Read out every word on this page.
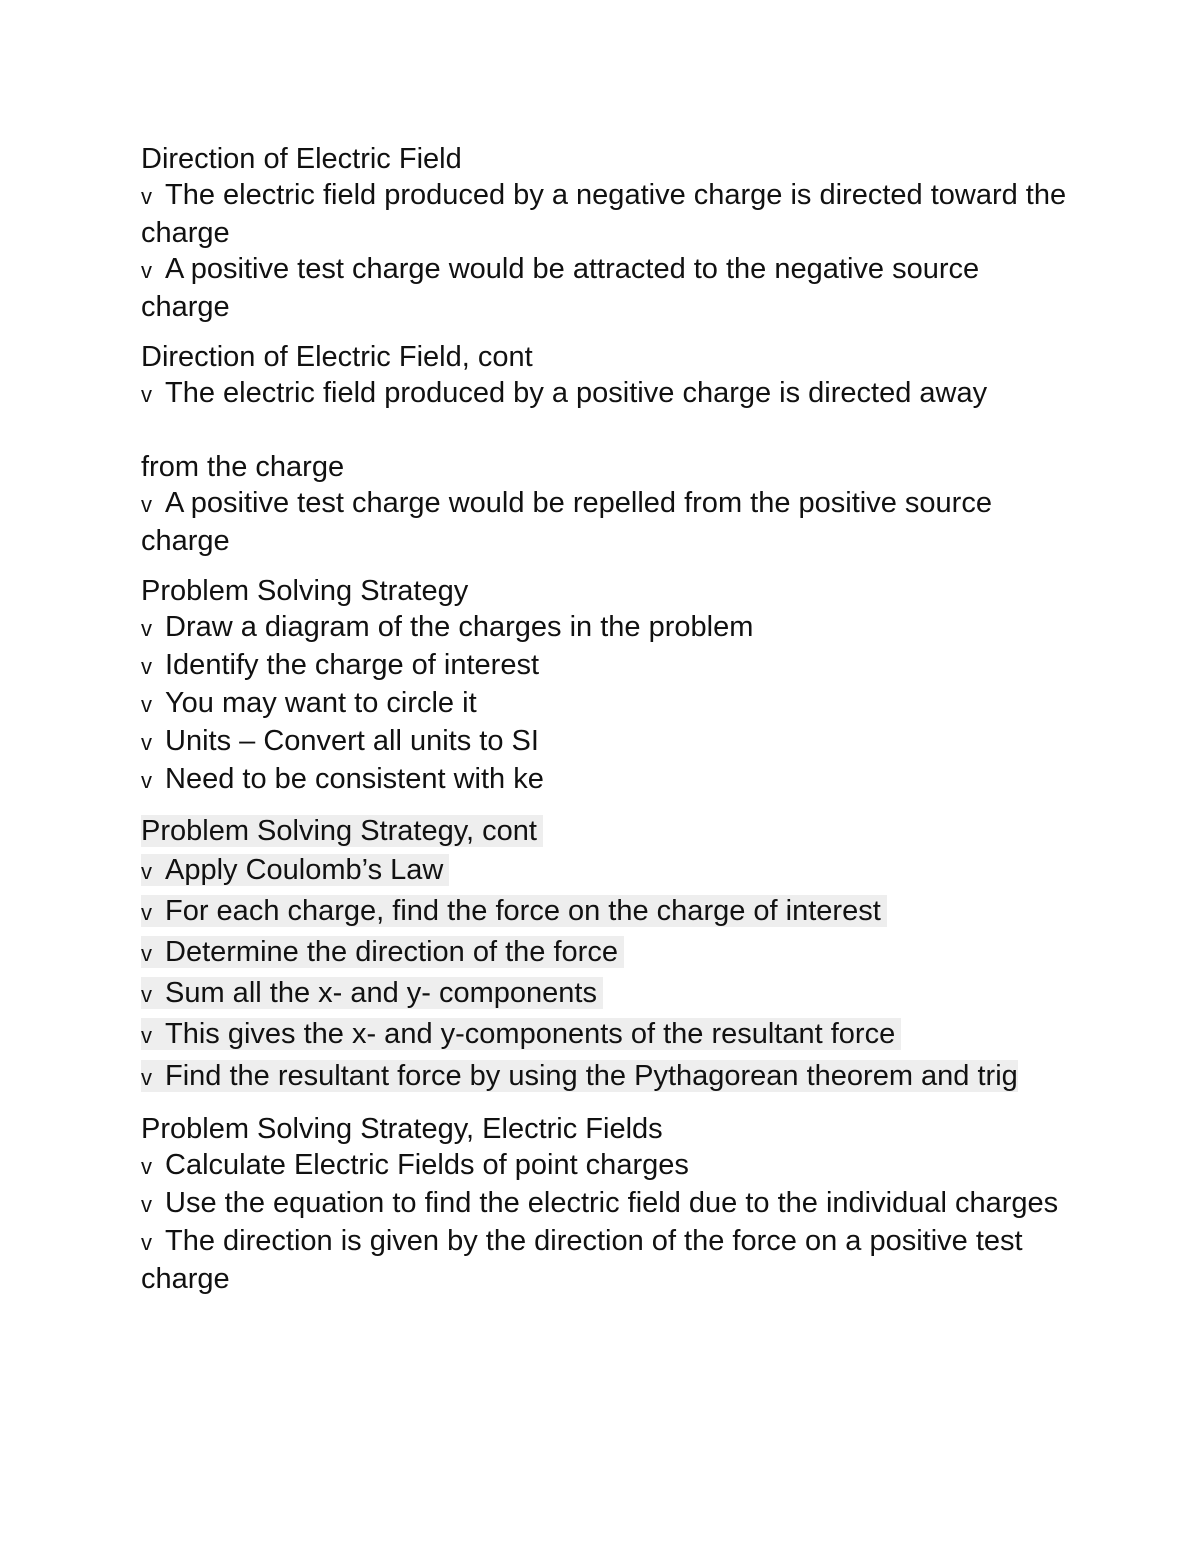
Direction of Electric Field
v The electric field produced by a negative charge is directed toward the charge
v A positive test charge would be attracted to the negative source charge
Direction of Electric Field, cont
v The electric field produced by a positive charge is directed away
from the charge
v A positive test charge would be repelled from the positive source charge
Problem Solving Strategy
v Draw a diagram of the charges in the problem
v Identify the charge of interest
v You may want to circle it
v Units – Convert all units to SI
v Need to be consistent with ke
Problem Solving Strategy, cont
v Apply Coulomb’s Law
v For each charge, find the force on the charge of interest
v Determine the direction of the force
v Sum all the x- and y- components
v This gives the x- and y-components of the resultant force
v Find the resultant force by using the Pythagorean theorem and trig
Problem Solving Strategy, Electric Fields
v Calculate Electric Fields of point charges
v Use the equation to find the electric field due to the individual charges
v The direction is given by the direction of the force on a positive test charge
